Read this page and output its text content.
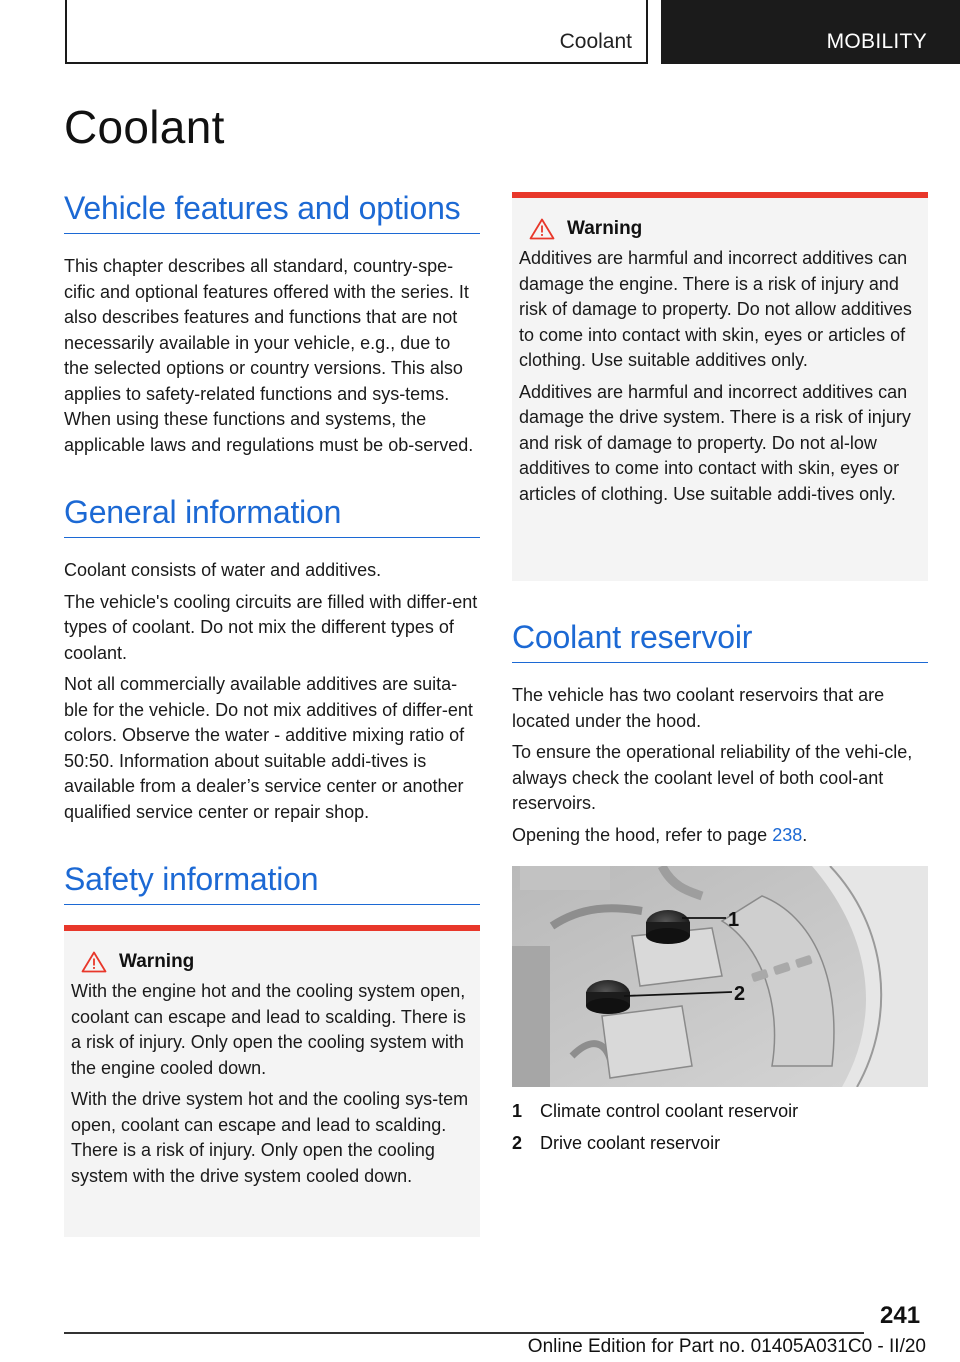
Coolant	MOBILITY
Coolant
Vehicle features and options

This chapter describes all standard, country-spe-cific and optional features offered with the series. It also describes features and functions that are not necessarily available in your vehicle, e.g., due to the selected options or country versions. This also applies to safety-related functions and sys-tems. When using these functions and systems, the applicable laws and regulations must be ob-served.

General information

Coolant consists of water and additives.

The vehicle's cooling circuits are filled with differ-ent types of coolant. Do not mix the different types of coolant.

Not all commercially available additives are suita-ble for the vehicle. Do not mix additives of differ-ent colors. Observe the water - additive mixing ratio of 50:50. Information about suitable addi-tives is available from a dealer’s service center or another qualified service center or repair shop.

Safety information
Warning

With the engine hot and the cooling system open, coolant can escape and lead to scalding. There is a risk of injury. Only open the cooling system with the engine cooled down.

With the drive system hot and the cooling sys-tem open, coolant can escape and lead to scalding. There is a risk of injury. Only open the cooling system with the drive system cooled down.

Warning

Additives are harmful and incorrect additives can damage the engine. There is a risk of injury and risk of damage to property. Do not allow additives to come into contact with skin, eyes or articles of clothing. Use suitable additives only.

Additives are harmful and incorrect additives can damage the drive system. There is a risk of injury and risk of damage to property. Do not al-low additives to come into contact with skin, eyes or articles of clothing. Use suitable addi-tives only.

Coolant reservoir

The vehicle has two coolant reservoirs that are located under the hood.

To ensure the operational reliability of the vehi-cle, always check the coolant level of both cool-ant reservoirs.

Opening the hood, refer to page 238.

1
2
1 Climate control coolant reservoir
2 Drive coolant reservoir
241
Online Edition for Part no. 01405A031C0 - II/20
